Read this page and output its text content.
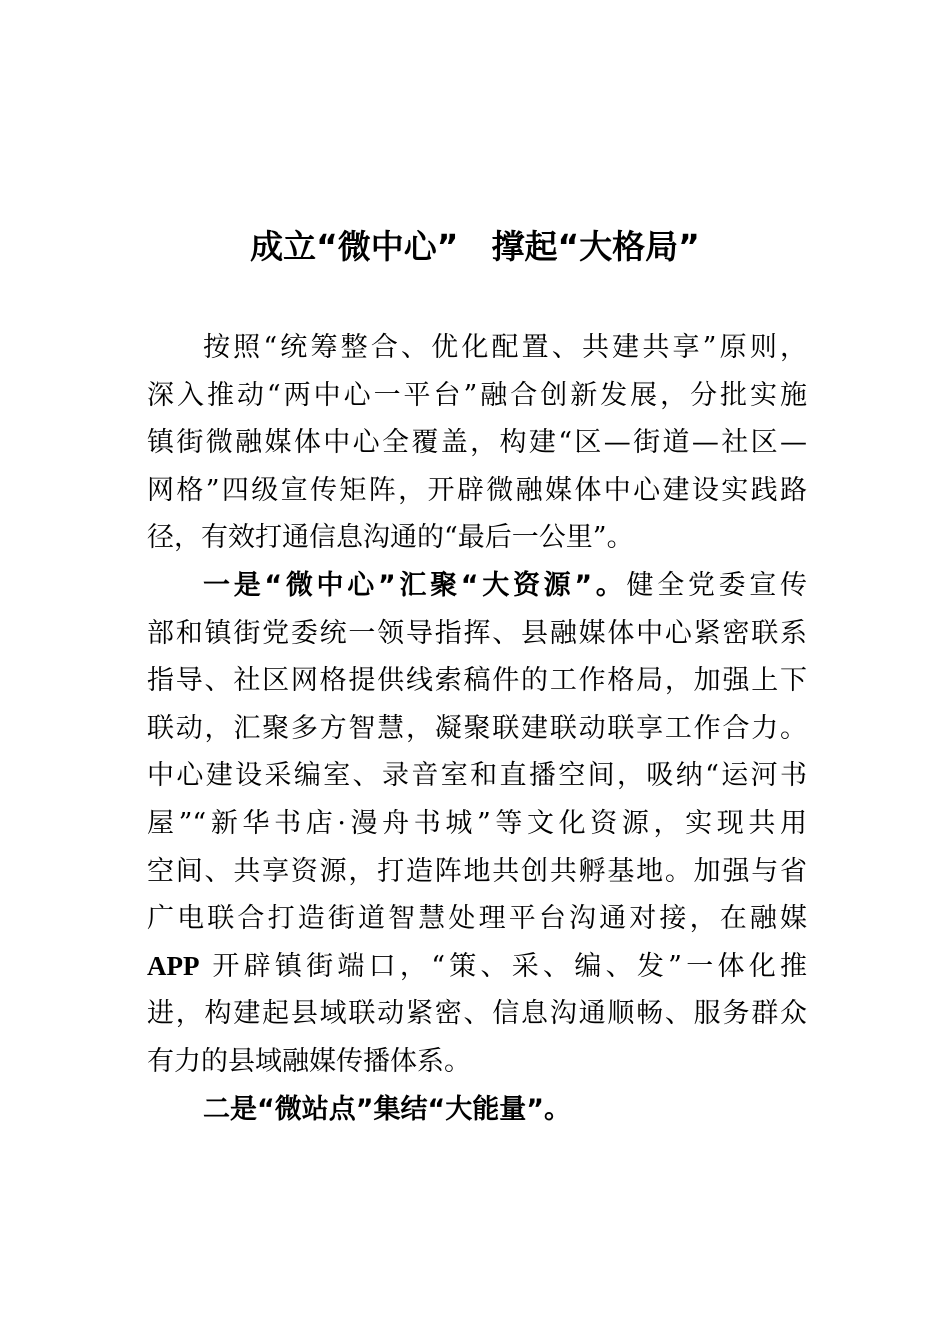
成立“微中心”　撑起“大格局”
按照“统筹整合、优化配置、共建共享”原则，
深入推动“两中心一平台”融合创新发展，分批实施
镇街微融媒体中心全覆盖，构建“区—街道—社区—
网格”四级宣传矩阵，开辟微融媒体中心建设实践路
径，有效打通信息沟通的“最后一公里”。
一是“微中心”汇聚“大资源”。健全党委宣传
部和镇街党委统一领导指挥、县融媒体中心紧密联系
指导、社区网格提供线索稿件的工作格局，加强上下
联动，汇聚多方智慧，凝聚联建联动联享工作合力。
中心建设采编室、录音室和直播空间，吸纳“运河书
屋”“新华书店·漫舟书城”等文化资源，实现共用
空间、共享资源，打造阵地共创共孵基地。加强与省
广电联合打造街道智慧处理平台沟通对接，在融媒
APP 开辟镇街端口，“策、采、编、发”一体化推
进，构建起县域联动紧密、信息沟通顺畅、服务群众
有力的县域融媒传播体系。
二是“微站点”集结“大能量”。
